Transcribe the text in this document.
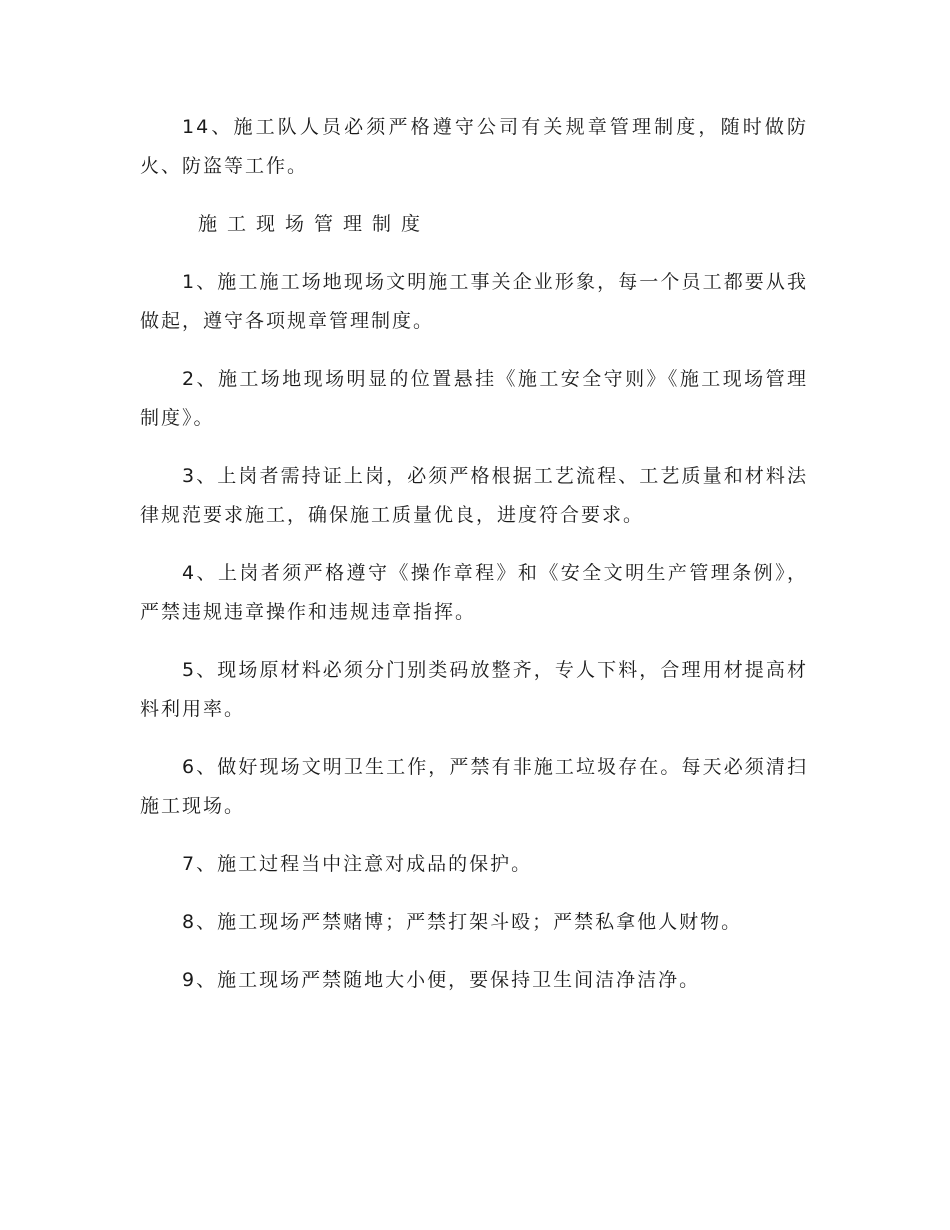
14、施工队人员必须严格遵守公司有关规章管理制度，随时做防火、防盗等工作。

施工现场管理制度

1、施工施工场地现场文明施工事关企业形象，每一个员工都要从我做起，遵守各项规章管理制度。

2、施工场地现场明显的位置悬挂《施工安全守则》《施工现场管理制度》。

3、上岗者需持证上岗，必须严格根据工艺流程、工艺质量和材料法律规范要求施工，确保施工质量优良，进度符合要求。

4、上岗者须严格遵守《操作章程》和《安全文明生产管理条例》，严禁违规违章操作和违规违章指挥。

5、现场原材料必须分门别类码放整齐，专人下料，合理用材提高材料利用率。

6、做好现场文明卫生工作，严禁有非施工垃圾存在。每天必须清扫施工现场。

7、施工过程当中注意对成品的保护。

8、施工现场严禁赌博；严禁打架斗殴；严禁私拿他人财物。

9、施工现场严禁随地大小便，要保持卫生间洁净洁净。
